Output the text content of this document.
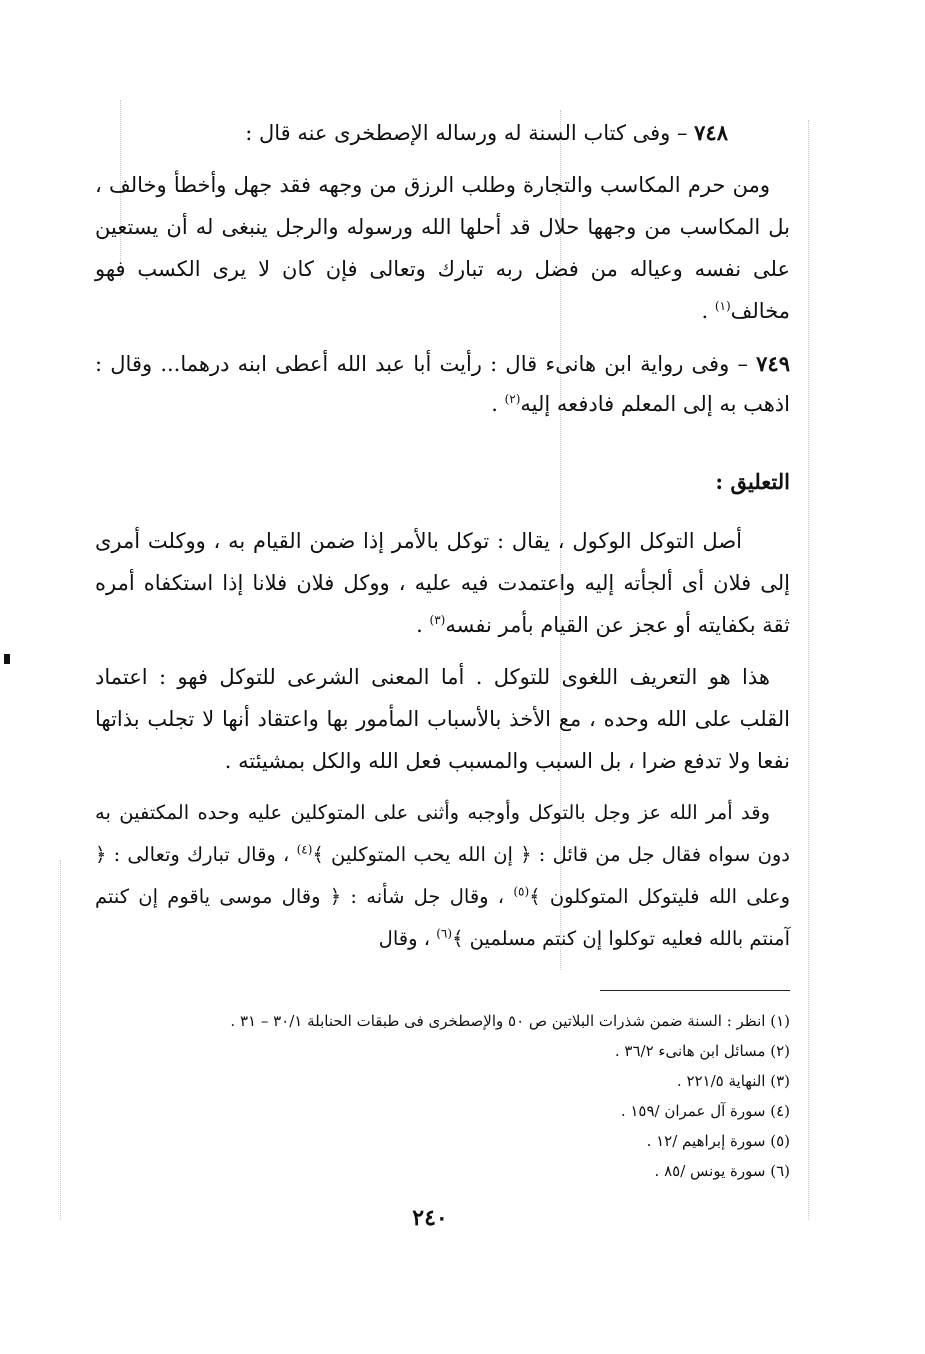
٧٤٨ – وفى كتاب السنة له ورساله الإصطخرى عنه قال :

ومن حرم المكاسب والتجارة وطلب الرزق من وجهه فقد جهل وأخطأ وخالف ، بل المكاسب من وجهها حلال قد أحلها الله ورسوله والرجل ينبغى له أن يستعين على نفسه وعياله من فضل ربه تبارك وتعالى فإن كان لا يرى الكسب فهو مخالف$^{(١)}$ .

٧٤٩ – وفى رواية ابن هانىء قال : رأيت أبا عبد الله أعطى ابنه درهما... وقال : اذهب به إلى المعلم فادفعه إليه$^{(٢)}$ .

التعليق :

أصل التوكل الوكول ، يقال : توكل بالأمر إذا ضمن القيام به ، ووكلت أمرى إلى فلان أى ألجأته إليه واعتمدت فيه عليه ، ووكل فلان فلانا إذا استكفاه أمره ثقة بكفايته أو عجز عن القيام بأمر نفسه$^{(٣)}$ .

هذا هو التعريف اللغوى للتوكل . أما المعنى الشرعى للتوكل فهو : اعتماد القلب على الله وحده ، مع الأخذ بالأسباب المأمور بها واعتقاد أنها لا تجلب بذاتها نفعا ولا تدفع ضرا ، بل السبب والمسبب فعل الله والكل بمشيئته .

وقد أمر الله عز وجل بالتوكل وأوجبه وأثنى على المتوكلين عليه وحده المكتفين به دون سواه فقال جل من قائل : ﴿ إن الله يحب المتوكلين ﴾$^{(٤)}$ ، وقال تبارك وتعالى : ﴿ وعلى الله فليتوكل المتوكلون ﴾$^{(٥)}$ ، وقال جل شأنه : ﴿ وقال موسى ياقوم إن كنتم آمنتم بالله فعليه توكلوا إن كنتم مسلمين ﴾$^{(٦)}$ ، وقال

(١) انظر : السنة ضمن شذرات البلاتين ص ٥٠ والإصطخرى فى طبقات الحنابلة ٣٠/١ – ٣١ .

(٢) مسائل ابن هانىء ٣٦/٢ .

(٣) النهاية ٢٢١/٥ .

(٤) سورة آل عمران /١٥٩ .

(٥) سورة إبراهيم /١٢ .

(٦) سورة يونس /٨٥ .

٢٤٠
